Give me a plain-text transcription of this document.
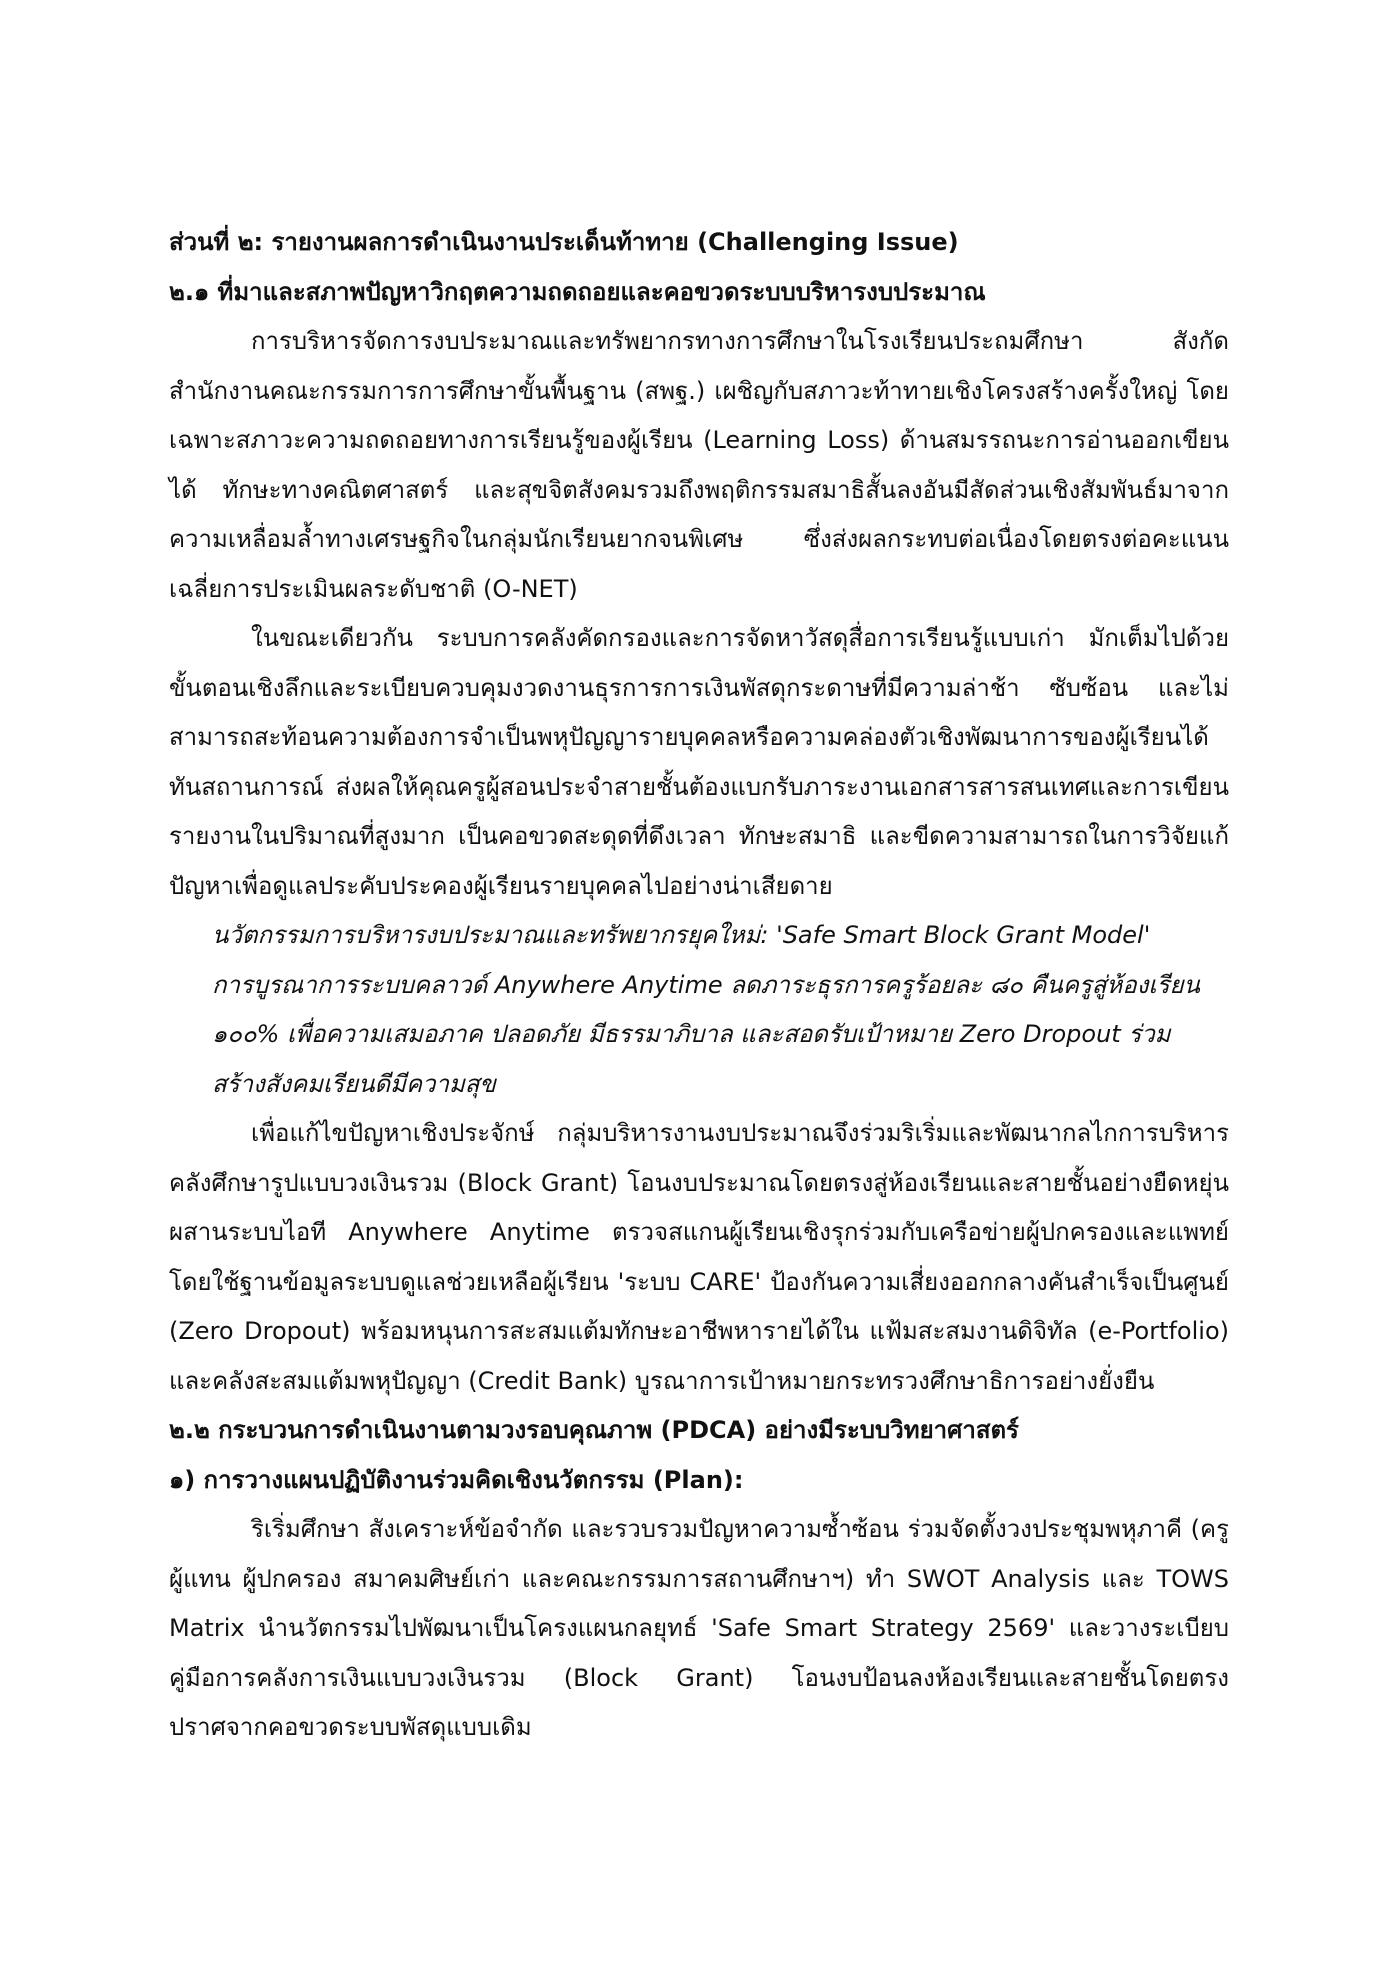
ส่วนที่ ๒: รายงานผลการดำเนินงานประเด็นท้าทาย (Challenging Issue)

๒.๑ ที่มาและสภาพปัญหาวิกฤตความถดถอยและคอขวดระบบบริหารงบประมาณ

การบริหารจัดการงบประมาณและทรัพยากรทางการศึกษาในโรงเรียนประถมศึกษา สังกัดสำนักงานคณะกรรมการการศึกษาขั้นพื้นฐาน (สพฐ.) เผชิญกับสภาวะท้าทายเชิงโครงสร้างครั้งใหญ่ โดยเฉพาะสภาวะความถดถอยทางการเรียนรู้ของผู้เรียน (Learning Loss) ด้านสมรรถนะการอ่านออกเขียนได้ ทักษะทางคณิตศาสตร์ และสุขจิตสังคมรวมถึงพฤติกรรมสมาธิสั้นลงอันมีสัดส่วนเชิงสัมพันธ์มาจากความเหลื่อมล้ำทางเศรษฐกิจในกลุ่มนักเรียนยากจนพิเศษ ซึ่งส่งผลกระทบต่อเนื่องโดยตรงต่อคะแนนเฉลี่ยการประเมินผลระดับชาติ (O-NET)

ในขณะเดียวกัน ระบบการคลังคัดกรองและการจัดหาวัสดุสื่อการเรียนรู้แบบเก่า มักเต็มไปด้วยขั้นตอนเชิงลึกและระเบียบควบคุมงวดงานธุรการการเงินพัสดุกระดาษที่มีความล่าช้า ซับซ้อน และไม่สามารถสะท้อนความต้องการจำเป็นพหุปัญญารายบุคคลหรือความคล่องตัวเชิงพัฒนาการของผู้เรียนได้ทันสถานการณ์ ส่งผลให้คุณครูผู้สอนประจำสายชั้นต้องแบกรับภาระงานเอกสารสารสนเทศและการเขียนรายงานในปริมาณที่สูงมาก เป็นคอขวดสะดุดที่ดึงเวลา ทักษะสมาธิ และขีดความสามารถในการวิจัยแก้ปัญหาเพื่อดูแลประคับประคองผู้เรียนรายบุคคลไปอย่างน่าเสียดาย

นวัตกรรมการบริหารงบประมาณและทรัพยากรยุคใหม่: 'Safe Smart Block Grant Model'

การบูรณาการระบบคลาวด์ Anywhere Anytime ลดภาระธุรการครูร้อยละ ๘๐ คืนครูสู่ห้องเรียน

๑๐๐% เพื่อความเสมอภาค ปลอดภัย มีธรรมาภิบาล และสอดรับเป้าหมาย Zero Dropout ร่วม

สร้างสังคมเรียนดีมีความสุข

เพื่อแก้ไขปัญหาเชิงประจักษ์ กลุ่มบริหารงานงบประมาณจึงร่วมริเริ่มและพัฒนากลไกการบริหารคลังศึกษารูปแบบวงเงินรวม (Block Grant) โอนงบประมาณโดยตรงสู่ห้องเรียนและสายชั้นอย่างยืดหยุ่น ผสานระบบไอที Anywhere Anytime ตรวจสแกนผู้เรียนเชิงรุกร่วมกับเครือข่ายผู้ปกครองและแพทย์ โดยใช้ฐานข้อมูลระบบดูแลช่วยเหลือผู้เรียน 'ระบบ CARE' ป้องกันความเสี่ยงออกกลางคันสำเร็จเป็นศูนย์ (Zero Dropout) พร้อมหนุนการสะสมแต้มทักษะอาชีพหารายได้ใน แฟ้มสะสมงานดิจิทัล (e-Portfolio) และคลังสะสมแต้มพหุปัญญา (Credit Bank) บูรณาการเป้าหมายกระทรวงศึกษาธิการอย่างยั่งยืน

๒.๒ กระบวนการดำเนินงานตามวงรอบคุณภาพ (PDCA) อย่างมีระบบวิทยาศาสตร์

๑) การวางแผนปฏิบัติงานร่วมคิดเชิงนวัตกรรม (Plan):

ริเริ่มศึกษา สังเคราะห์ข้อจำกัด และรวบรวมปัญหาความซ้ำซ้อน ร่วมจัดตั้งวงประชุมพหุภาคี (ครูผู้แทน ผู้ปกครอง สมาคมศิษย์เก่า และคณะกรรมการสถานศึกษาฯ) ทำ SWOT Analysis และ TOWS Matrix นำนวัตกรรมไปพัฒนาเป็นโครงแผนกลยุทธ์ 'Safe Smart Strategy 2569' และวางระเบียบคู่มือการคลังการเงินแบบวงเงินรวม (Block Grant) โอนงบป้อนลงห้องเรียนและสายชั้นโดยตรง ปราศจากคอขวดระบบพัสดุแบบเดิม
